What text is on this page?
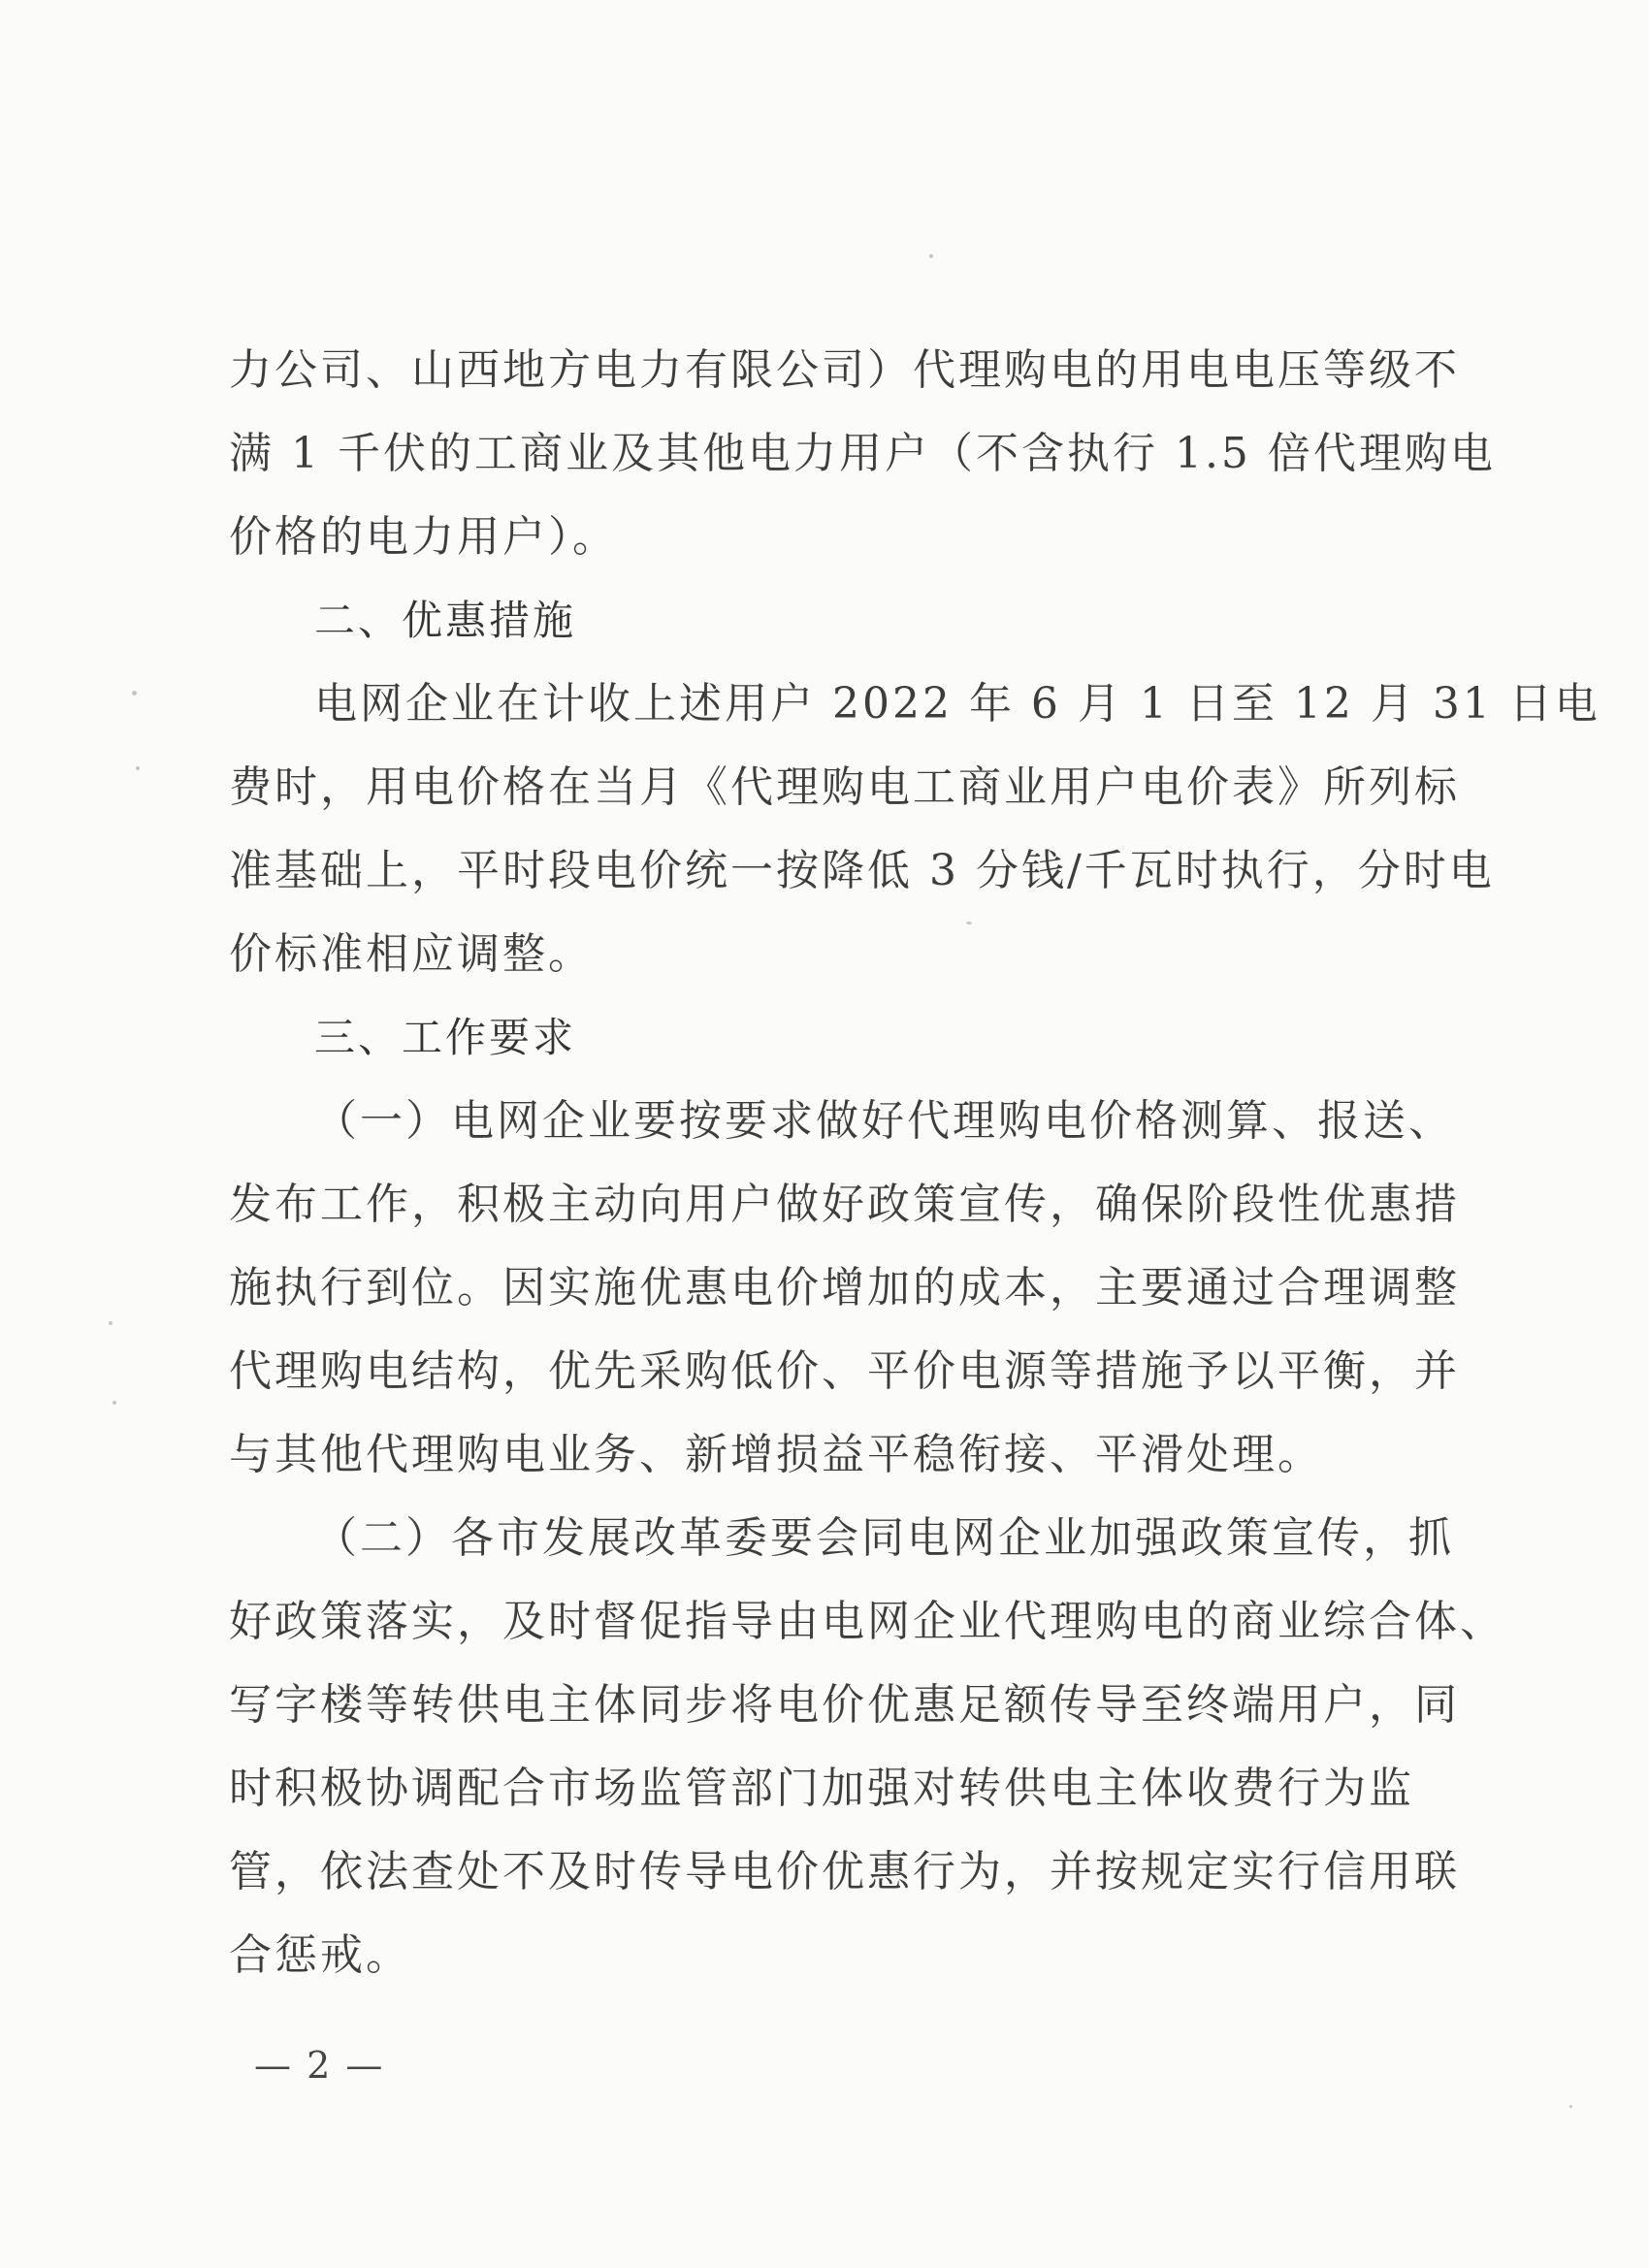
力公司、山西地方电力有限公司）代理购电的用电电压等级不
满 1 千伏的工商业及其他电力用户（不含执行 1.5 倍代理购电
价格的电力用户）。
二、优惠措施
电网企业在计收上述用户 2022 年 6 月 1 日至 12 月 31 日电
费时，用电价格在当月《代理购电工商业用户电价表》所列标
准基础上，平时段电价统一按降低 3 分钱/千瓦时执行，分时电
价标准相应调整。
三、工作要求
（一）电网企业要按要求做好代理购电价格测算、报送、
发布工作，积极主动向用户做好政策宣传，确保阶段性优惠措
施执行到位。因实施优惠电价增加的成本，主要通过合理调整
代理购电结构，优先采购低价、平价电源等措施予以平衡，并
与其他代理购电业务、新增损益平稳衔接、平滑处理。
（二）各市发展改革委要会同电网企业加强政策宣传，抓
好政策落实，及时督促指导由电网企业代理购电的商业综合体、
写字楼等转供电主体同步将电价优惠足额传导至终端用户，同
时积极协调配合市场监管部门加强对转供电主体收费行为监
管，依法查处不及时传导电价优惠行为，并按规定实行信用联
合惩戒。
— 2 —
